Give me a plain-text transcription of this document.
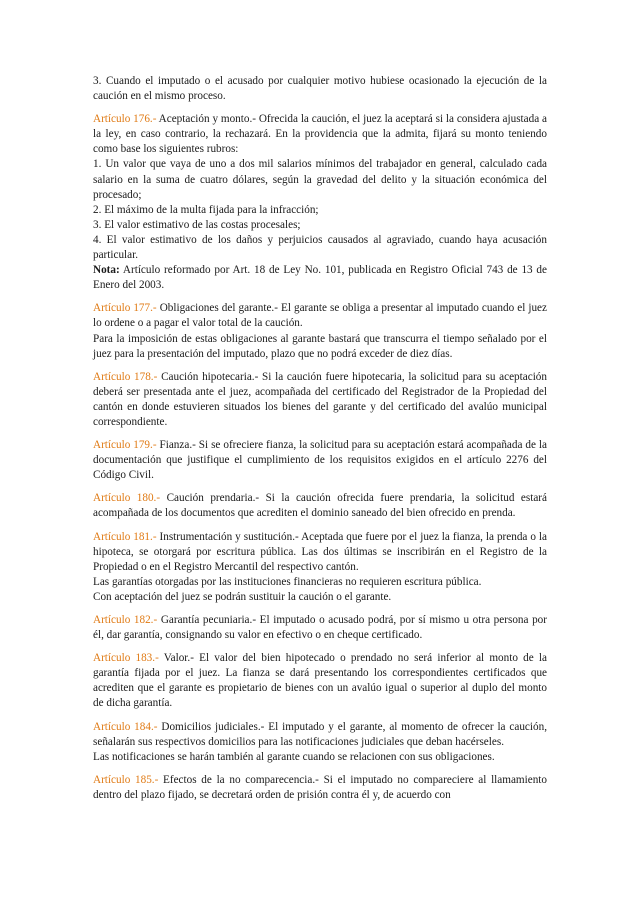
3. Cuando el imputado o el acusado por cualquier motivo hubiese ocasionado la ejecución de la caución en el mismo proceso.

Artículo 176.- Aceptación y monto.- Ofrecida la caución, el juez la aceptará si la considera ajustada a la ley, en caso contrario, la rechazará. En la providencia que la admita, fijará su monto teniendo como base los siguientes rubros:

1. Un valor que vaya de uno a dos mil salarios mínimos del trabajador en general, calculado cada salario en la suma de cuatro dólares, según la gravedad del delito y la situación económica del procesado;

2. El máximo de la multa fijada para la infracción;

3. El valor estimativo de las costas procesales;

4. El valor estimativo de los daños y perjuicios causados al agraviado, cuando haya acusación particular.

Nota: Artículo reformado por Art. 18 de Ley No. 101, publicada en Registro Oficial 743 de 13 de Enero del 2003.

Artículo 177.- Obligaciones del garante.- El garante se obliga a presentar al imputado cuando el juez lo ordene o a pagar el valor total de la caución.

Para la imposición de estas obligaciones al garante bastará que transcurra el tiempo señalado por el juez para la presentación del imputado, plazo que no podrá exceder de diez días.

Artículo 178.- Caución hipotecaria.- Si la caución fuere hipotecaria, la solicitud para su aceptación deberá ser presentada ante el juez, acompañada del certificado del Registrador de la Propiedad del cantón en donde estuvieren situados los bienes del garante y del certificado del avalúo municipal correspondiente.

Artículo 179.- Fianza.- Si se ofreciere fianza, la solicitud para su aceptación estará acompañada de la documentación que justifique el cumplimiento de los requisitos exigidos en el artículo 2276 del Código Civil.

Artículo 180.- Caución prendaria.- Si la caución ofrecida fuere prendaria, la solicitud estará acompañada de los documentos que acrediten el dominio saneado del bien ofrecido en prenda.

Artículo 181.- Instrumentación y sustitución.- Aceptada que fuere por el juez la fianza, la prenda o la hipoteca, se otorgará por escritura pública. Las dos últimas se inscribirán en el Registro de la Propiedad o en el Registro Mercantil del respectivo cantón.

Las garantías otorgadas por las instituciones financieras no requieren escritura pública.

Con aceptación del juez se podrán sustituir la caución o el garante.

Artículo 182.- Garantía pecuniaria.- El imputado o acusado podrá, por sí mismo u otra persona por él, dar garantía, consignando su valor en efectivo o en cheque certificado.

Artículo 183.- Valor.- El valor del bien hipotecado o prendado no será inferior al monto de la garantía fijada por el juez. La fianza se dará presentando los correspondientes certificados que acrediten que el garante es propietario de bienes con un avalúo igual o superior al duplo del monto de dicha garantía.

Artículo 184.- Domicilios judiciales.- El imputado y el garante, al momento de ofrecer la caución, señalarán sus respectivos domicilios para las notificaciones judiciales que deban hacérseles.

Las notificaciones se harán también al garante cuando se relacionen con sus obligaciones.

Artículo 185.- Efectos de la no comparecencia.- Si el imputado no compareciere al llamamiento dentro del plazo fijado, se decretará orden de prisión contra él y, de acuerdo con
